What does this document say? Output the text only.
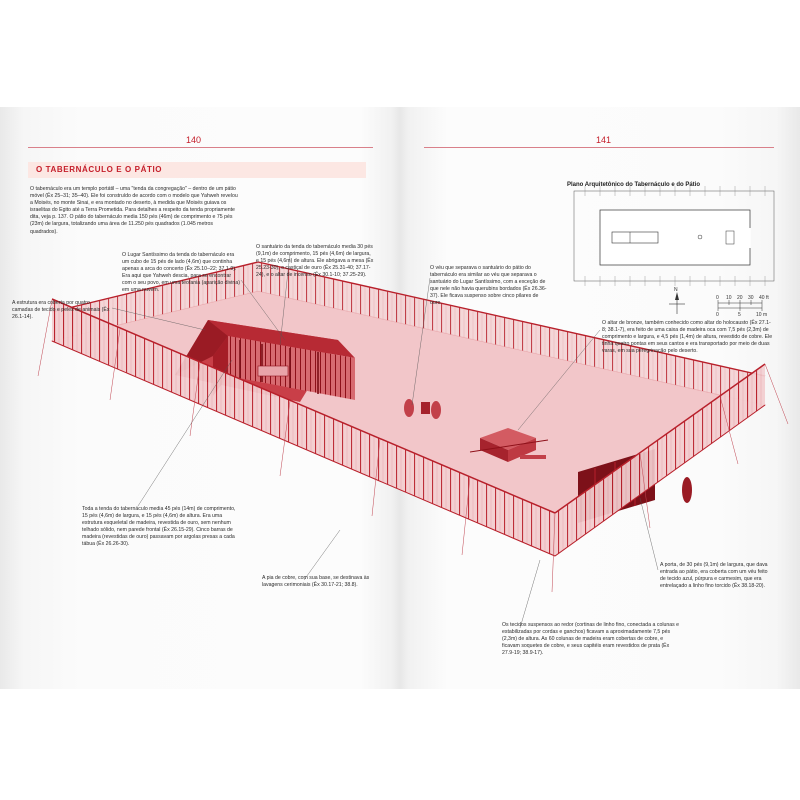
140	141
O TABERNÁCULO E O PÁTIO
O tabernáculo era um templo portátil – uma "tenda da congregação" – dentro de um pátio móvel (Êx 25–31; 35–40). Ele foi construído de acordo com o modelo que Yahweh revelou a Moisés, no monte Sinai, e era montado no deserto, à medida que Moisés guiava os israelitas do Egito até a Terra Prometida. Para detalhes a respeito da tenda propriamente dita, veja p. 137. O pátio do tabernáculo media 150 pés (46m) de comprimento e 75 pés (23m) de largura, totalizando uma área de 11.250 pés quadrados (1.045 metros quadrados).
N
0 10 20 30 40 ft
0	5	10 m
Plano Arquitetônico do Tabernáculo e do Pátio
O Lugar Santíssimo da tenda do tabernáculo era um cubo de 15 pés de lado (4,6m) que continha apenas a arca do concerto (Êx 25.10–22; 37.1-9). Era aqui que Yahweh descia, para se encontrar com o seu povo, em uma teofania (aparição divina) em uma nuvem.
O santuário da tenda do tabernáculo media 30 pés (9,1m) de comprimento, 15 pés (4,6m) de largura, e 15 pés (4,6m) de altura. Ele abrigava a mesa (Êx 25.23-30), o castiçal de ouro (Êx 25.31-40; 37.17-24), e o altar de incenso (Êx 30.1-10; 37.25-29).
O véu que separava o santuário do pátio do tabernáculo era similar ao véu que separava o santuário do Lugar Santíssimo, com a exceção de que nele não havia querubins bordados (Êx 26.36-37). Ele ficava suspenso sobre cinco pilares de ouro.
A estrutura era coberta por quatro camadas de tecido e peles de animais (Êx 26.1-14).
O altar de bronze, também conhecido como altar do holocausto (Êx 27.1-8; 38.1-7), era feito de uma caixa de madeira oca com 7,5 pés (2,3m) de comprimento e largura, e 4,5 pés (1,4m) de altura, revestido de cobre. Ele tinha quatro pontas em seus cantos e era transportado por meio de duas varas, em sua peregrinação pelo deserto.
Toda a tenda do tabernáculo media 45 pés (14m) de comprimento, 15 pés (4,6m) de largura, e 15 pés (4,6m) de altura. Era uma estrutura esqueletal de madeira, revestida de ouro, sem nenhum telhado sólido, nem parede frontal (Êx 26.15-29). Cinco barras de madeira (revestidas de ouro) passavam por argolas presas a cada tábua (Êx 26.26-30).
A pia de cobre, com sua base, se destinava às lavagens cerimoniais (Êx 30.17-21; 38.8).
A porta, de 30 pés (9,1m) de largura, que dava entrada ao pátio, era coberta com um véu feito de tecido azul, púrpura e carmesim, que era entrelaçado a linho fino torcido (Êx 38.18-20).
Os tecidos suspensos ao redor (cortinas de linho fino, conectada a colunas e estabilizadas por cordas e ganchos) ficavam a aproximadamente 7,5 pés (2,3m) de altura. As 60 colunas de madeira eram cobertas de cobre, e ficavam soquetes de cobre, e seus capitéis eram revestidos de prata (Êx 27.9-19; 38.9-17).
